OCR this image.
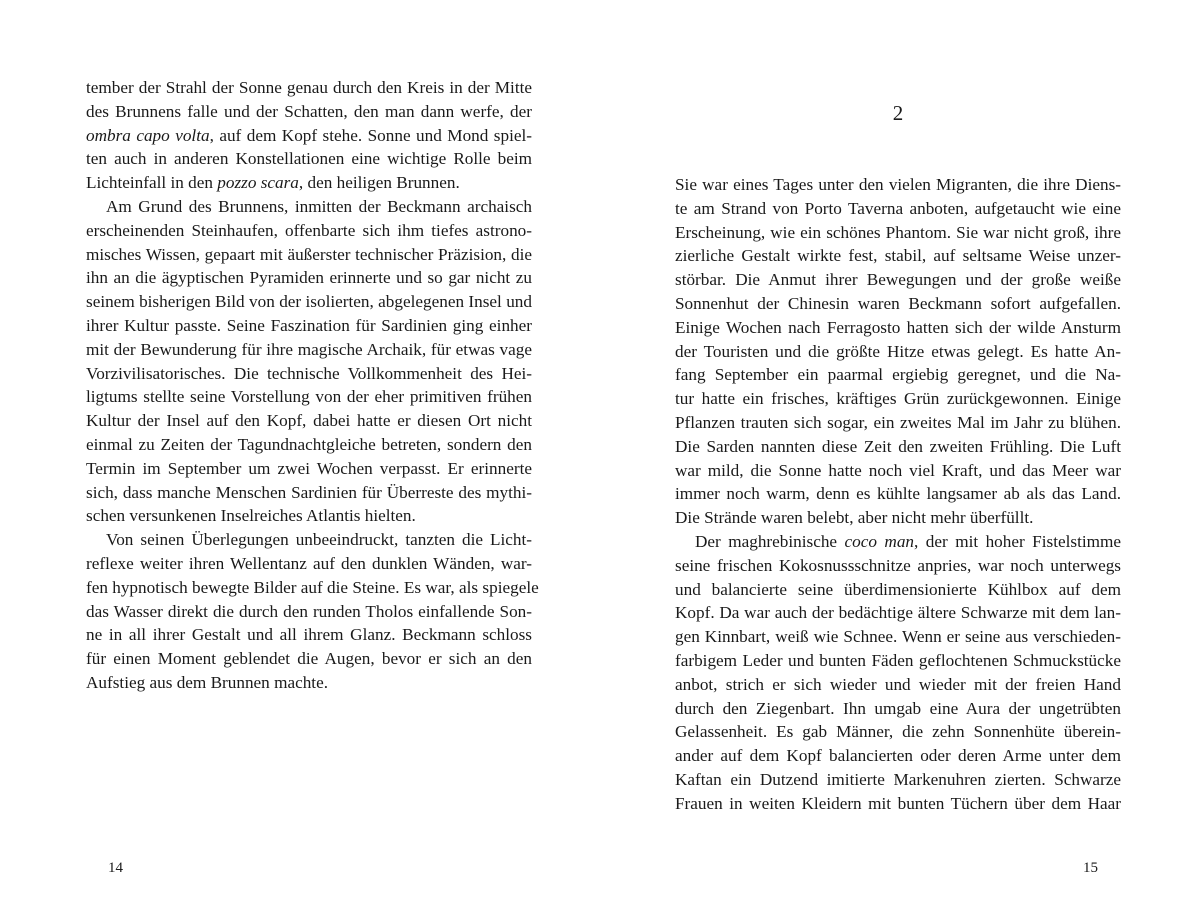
tember der Strahl der Sonne genau durch den Kreis in der Mitte
des Brunnens falle und der Schatten, den man dann werfe, der
ombra capo volta, auf dem Kopf stehe. Sonne und Mond spiel-
ten auch in anderen Konstellationen eine wichtige Rolle beim
Lichteinfall in den pozzo scara, den heiligen Brunnen.
Am Grund des Brunnens, inmitten der Beckmann archaisch
erscheinenden Steinhaufen, offenbarte sich ihm tiefes astrono-
misches Wissen, gepaart mit äußerster technischer Präzision, die
ihn an die ägyptischen Pyramiden erinnerte und so gar nicht zu
seinem bisherigen Bild von der isolierten, abgelegenen Insel und
ihrer Kultur passte. Seine Faszination für Sardinien ging einher
mit der Bewunderung für ihre magische Archaik, für etwas vage
Vorzivilisatorisches. Die technische Vollkommenheit des Hei-
ligtums stellte seine Vorstellung von der eher primitiven frühen
Kultur der Insel auf den Kopf, dabei hatte er diesen Ort nicht
einmal zu Zeiten der Tagundnachtgleiche betreten, sondern den
Termin im September um zwei Wochen verpasst. Er erinnerte
sich, dass manche Menschen Sardinien für Überreste des mythi-
schen versunkenen Inselreiches Atlantis hielten.
Von seinen Überlegungen unbeeindruckt, tanzten die Licht-
reflexe weiter ihren Wellentanz auf den dunklen Wänden, war-
fen hypnotisch bewegte Bilder auf die Steine. Es war, als spiegele
das Wasser direkt die durch den runden Tholos einfallende Son-
ne in all ihrer Gestalt und all ihrem Glanz. Beckmann schloss
für einen Moment geblendet die Augen, bevor er sich an den
Aufstieg aus dem Brunnen machte.
14
2
Sie war eines Tages unter den vielen Migranten, die ihre Diens-
te am Strand von Porto Taverna anboten, aufgetaucht wie eine
Erscheinung, wie ein schönes Phantom. Sie war nicht groß, ihre
zierliche Gestalt wirkte fest, stabil, auf seltsame Weise unzer-
störbar. Die Anmut ihrer Bewegungen und der große weiße
Sonnenhut der Chinesin waren Beckmann sofort aufgefallen.
Einige Wochen nach Ferragosto hatten sich der wilde Ansturm
der Touristen und die größte Hitze etwas gelegt. Es hatte An-
fang September ein paarmal ergiebig geregnet, und die Na-
tur hatte ein frisches, kräftiges Grün zurückgewonnen. Einige
Pflanzen trauten sich sogar, ein zweites Mal im Jahr zu blühen.
Die Sarden nannten diese Zeit den zweiten Frühling. Die Luft
war mild, die Sonne hatte noch viel Kraft, und das Meer war
immer noch warm, denn es kühlte langsamer ab als das Land.
Die Strände waren belebt, aber nicht mehr überfüllt.
Der maghrebinische coco man, der mit hoher Fistelstimme
seine frischen Kokosnussschnitze anpries, war noch unterwegs
und balancierte seine überdimensionierte Kühlbox auf dem
Kopf. Da war auch der bedächtige ältere Schwarze mit dem lan-
gen Kinnbart, weiß wie Schnee. Wenn er seine aus verschieden-
farbigem Leder und bunten Fäden geflochtenen Schmuckstücke
anbot, strich er sich wieder und wieder mit der freien Hand
durch den Ziegenbart. Ihn umgab eine Aura der ungetrübten
Gelassenheit. Es gab Männer, die zehn Sonnenhüte überein-
ander auf dem Kopf balancierten oder deren Arme unter dem
Kaftan ein Dutzend imitierte Markenuhren zierten. Schwarze
Frauen in weiten Kleidern mit bunten Tüchern über dem Haar
15
